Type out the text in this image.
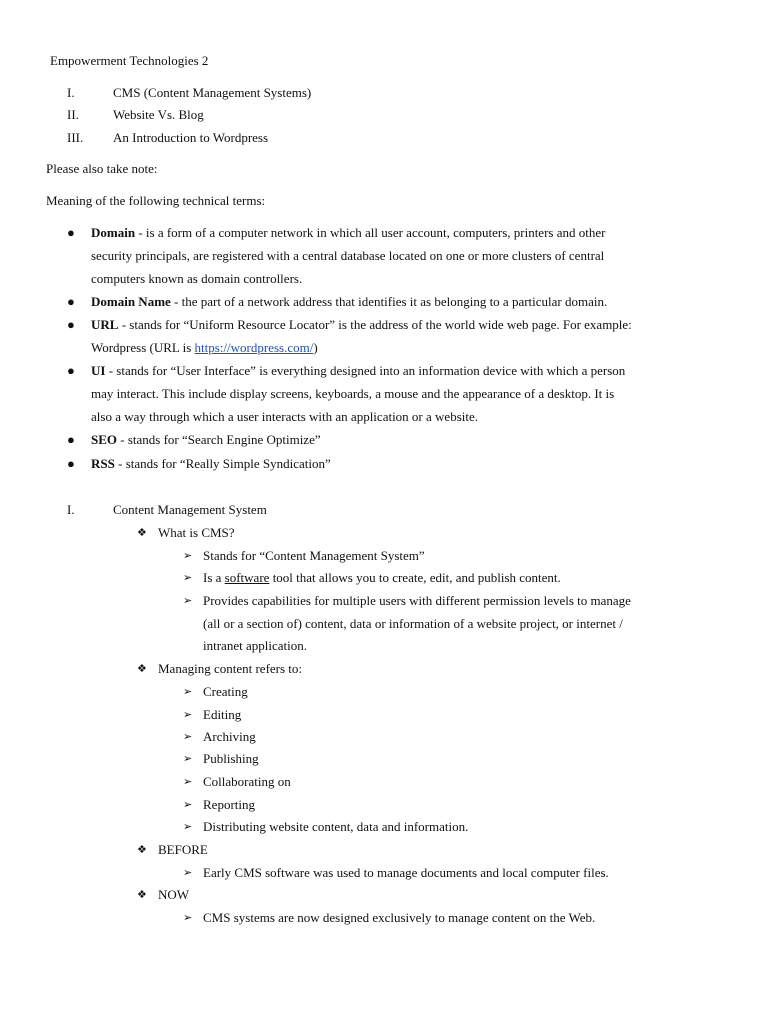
Empowerment Technologies 2
I.	CMS (Content Management Systems)
II.	Website Vs. Blog
III. An Introduction to Wordpress
Please also take note:
Meaning of the following technical terms:
● Domain - is a form of a computer network in which all user account, computers, printers and other
security principals, are registered with a central database located on one or more clusters of central
computers known as domain controllers.
● Domain Name - the part of a network address that identifies it as belonging to a particular domain.
● URL - stands for “Uniform Resource Locator” is the address of the world wide web page. For example:
Wordpress (URL is https://wordpress.com/)
● UI - stands for “User Interface” is everything designed into an information device with which a person
may interact. This include display screens, keyboards, a mouse and the appearance of a desktop. It is
also a way through which a user interacts with an application or a website.
● SEO - stands for “Search Engine Optimize”
● RSS - stands for “Really Simple Syndication”
I.	Content Management System
❖ What is CMS?
➢ Stands for “Content Management System”
➢ Is a software tool that allows you to create, edit, and publish content.
➢ Provides capabilities for multiple users with different permission levels to manage
(all or a section of) content, data or information of a website project, or internet /
intranet application.
❖ Managing content refers to:
➢ Creating
➢ Editing
➢ Archiving
➢ Publishing
➢ Collaborating on
➢ Reporting
➢ Distributing website content, data and information.
❖ BEFORE
➢ Early CMS software was used to manage documents and local computer files.
❖ NOW
➢ CMS systems are now designed exclusively to manage content on the Web.
